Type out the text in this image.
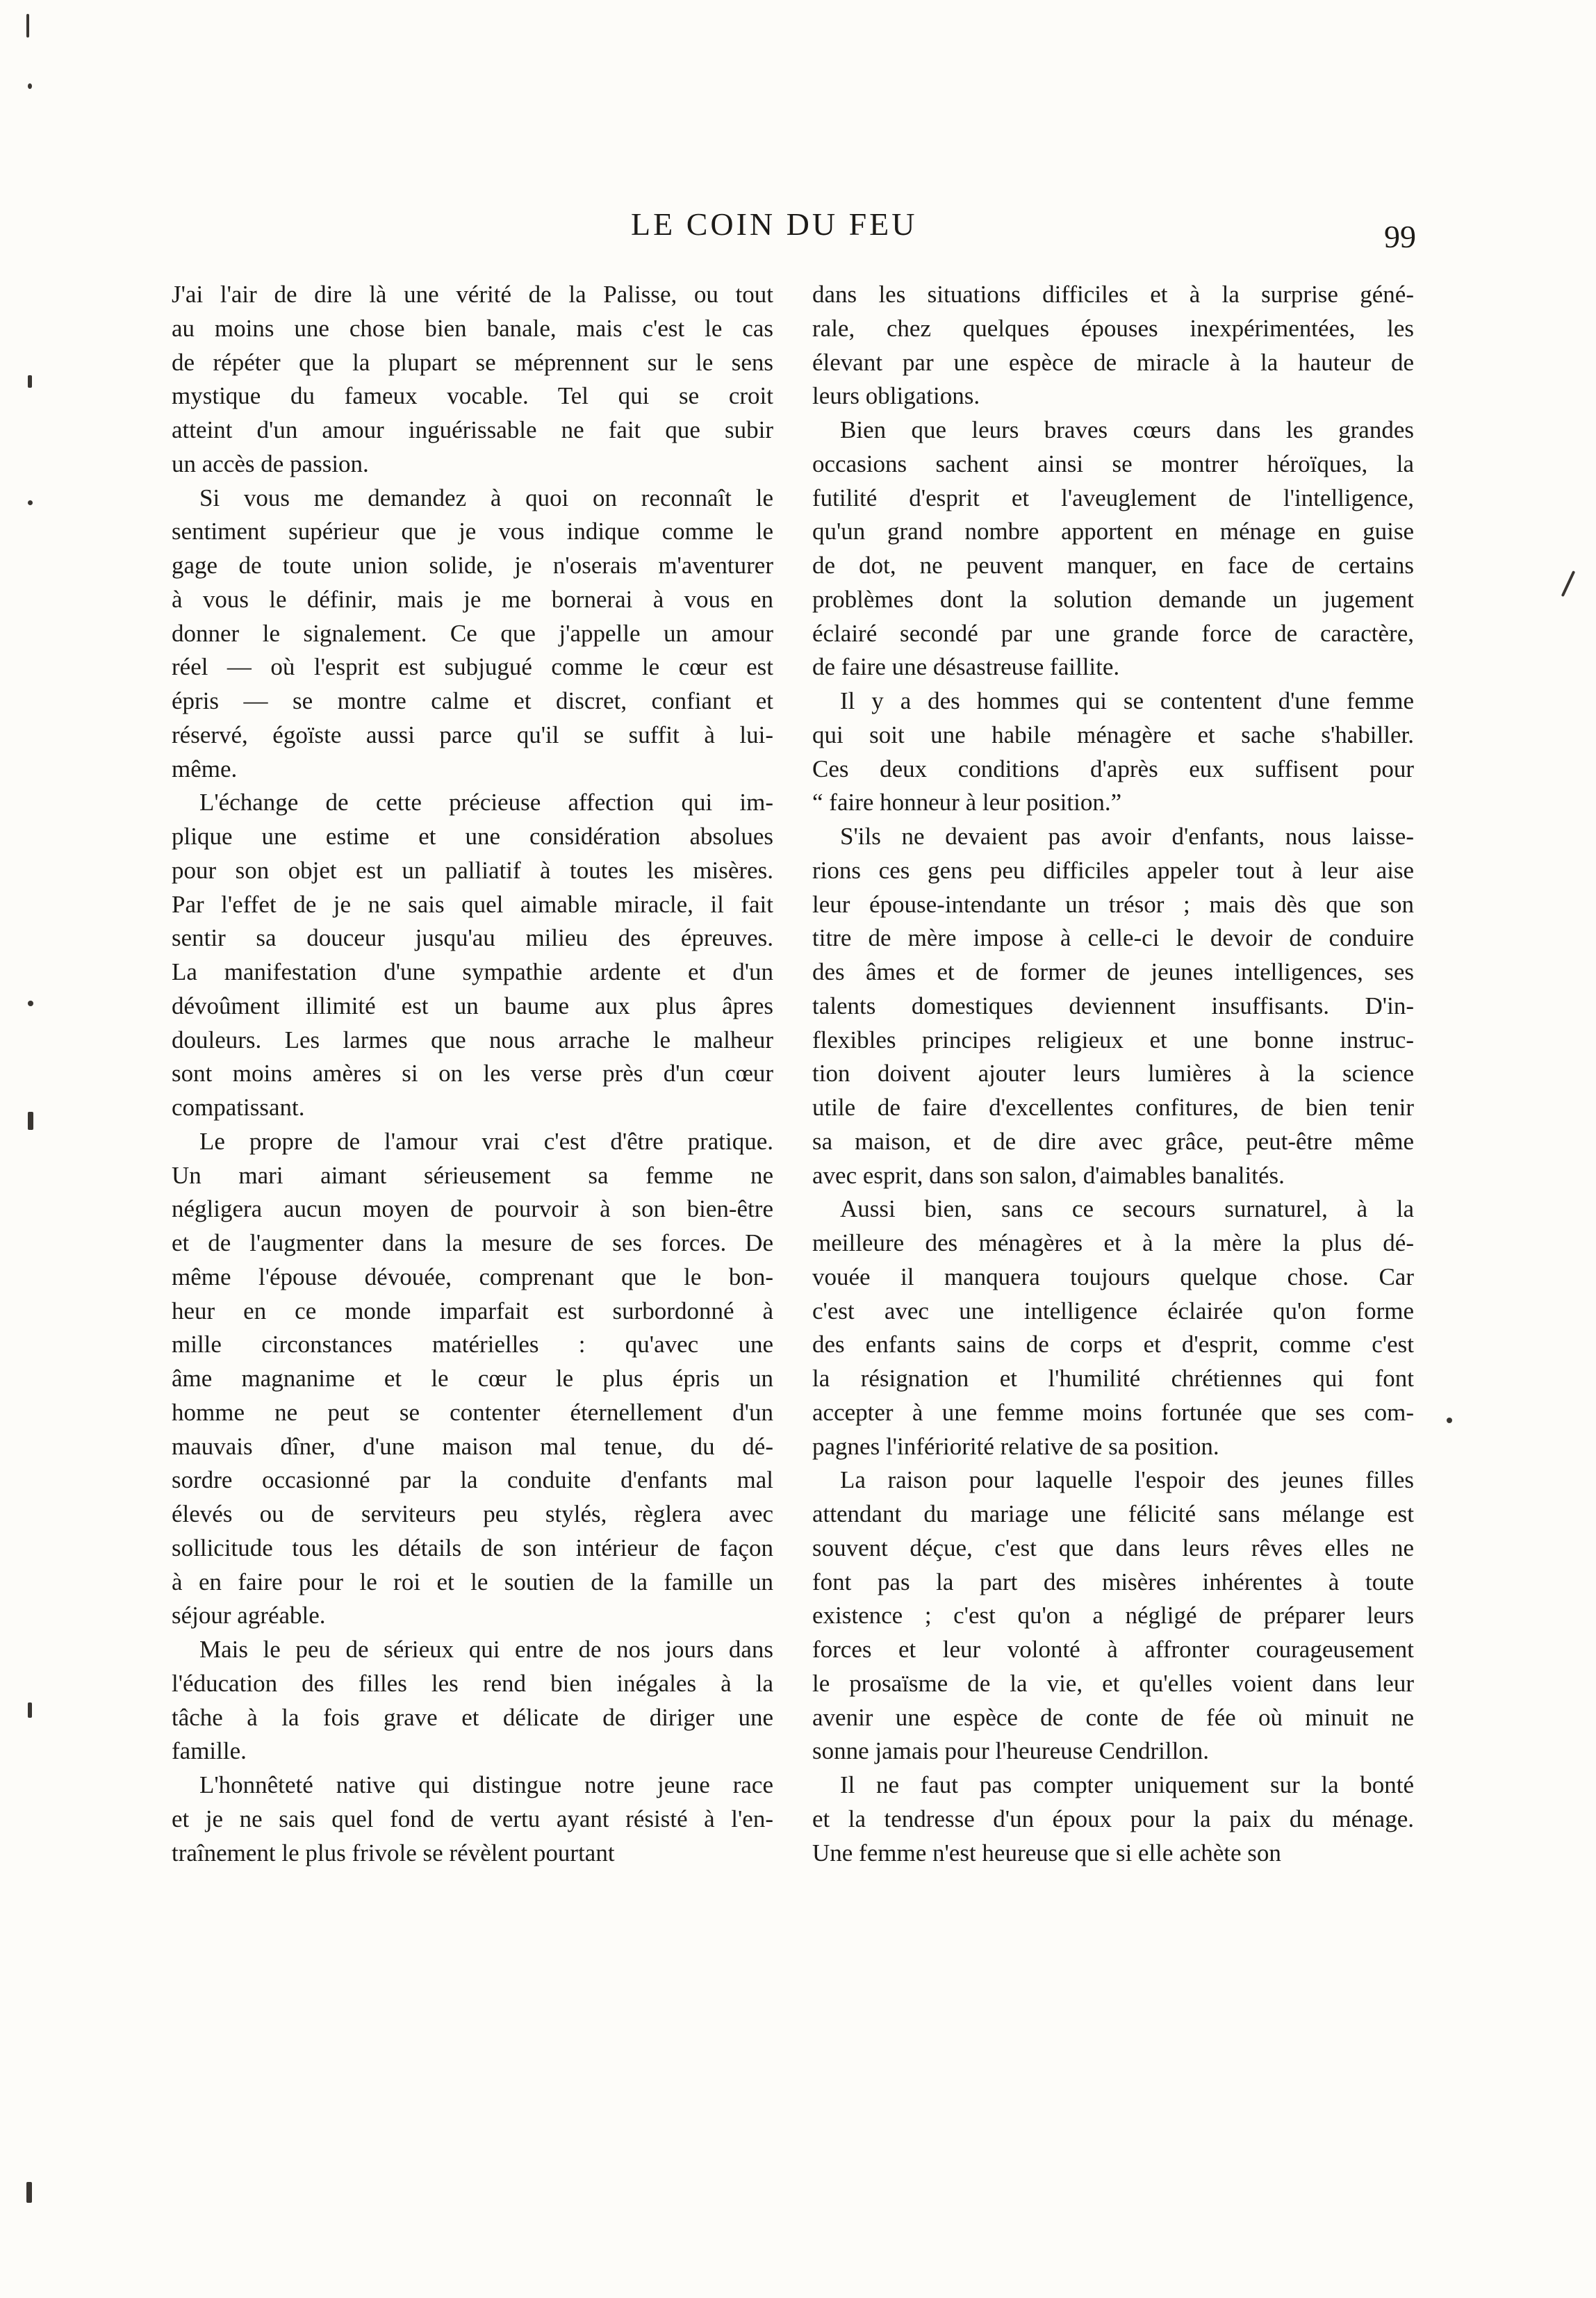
LE COIN DU FEU	99
J'ai l'air de dire là une vérité de la Palisse, ou tout
au moins une chose bien banale, mais c'est le cas
de répéter que la plupart se méprennent sur le sens
mystique du fameux vocable. Tel qui se croit
atteint d'un amour inguérissable ne fait que subir
un accès de passion.
Si vous me demandez à quoi on reconnaît le
sentiment supérieur que je vous indique comme le
gage de toute union solide, je n'oserais m'aventurer
à vous le définir, mais je me bornerai à vous en
donner le signalement. Ce que j'appelle un amour
réel — où l'esprit est subjugué comme le cœur est
épris — se montre calme et discret, confiant et
réservé, égoïste aussi parce qu'il se suffit à lui-
même.
L'échange de cette précieuse affection qui im-
plique une estime et une considération absolues
pour son objet est un palliatif à toutes les misères.
Par l'effet de je ne sais quel aimable miracle, il fait
sentir sa douceur jusqu'au milieu des épreuves.
La manifestation d'une sympathie ardente et d'un
dévoûment illimité est un baume aux plus âpres
douleurs. Les larmes que nous arrache le malheur
sont moins amères si on les verse près d'un cœur
compatissant.
Le propre de l'amour vrai c'est d'être pratique.
Un mari aimant sérieusement sa femme ne
négligera aucun moyen de pourvoir à son bien-être
et de l'augmenter dans la mesure de ses forces. De
même l'épouse dévouée, comprenant que le bon-
heur en ce monde imparfait est surbordonné à
mille circonstances matérielles : qu'avec une
âme magnanime et le cœur le plus épris un
homme ne peut se contenter éternellement d'un
mauvais dîner, d'une maison mal tenue, du dé-
sordre occasionné par la conduite d'enfants mal
élevés ou de serviteurs peu stylés, règlera avec
sollicitude tous les détails de son intérieur de façon
à en faire pour le roi et le soutien de la famille un
séjour agréable.
Mais le peu de sérieux qui entre de nos jours dans
l'éducation des filles les rend bien inégales à la
tâche à la fois grave et délicate de diriger une
famille.
L'honnêteté native qui distingue notre jeune race
et je ne sais quel fond de vertu ayant résisté à l'en-
traînement le plus frivole se révèlent pourtant
dans les situations difficiles et à la surprise géné-
rale, chez quelques épouses inexpérimentées, les
élevant par une espèce de miracle à la hauteur de
leurs obligations.
Bien que leurs braves cœurs dans les grandes
occasions sachent ainsi se montrer héroïques, la
futilité d'esprit et l'aveuglement de l'intelligence,
qu'un grand nombre apportent en ménage en guise
de dot, ne peuvent manquer, en face de certains
problèmes dont la solution demande un jugement
éclairé secondé par une grande force de caractère,
de faire une désastreuse faillite.
Il y a des hommes qui se contentent d'une femme
qui soit une habile ménagère et sache s'habiller.
Ces deux conditions d'après eux suffisent pour
“ faire honneur à leur position.”
S'ils ne devaient pas avoir d'enfants, nous laisse-
rions ces gens peu difficiles appeler tout à leur aise
leur épouse-intendante un trésor ; mais dès que son
titre de mère impose à celle-ci le devoir de conduire
des âmes et de former de jeunes intelligences, ses
talents domestiques deviennent insuffisants. D'in-
flexibles principes religieux et une bonne instruc-
tion doivent ajouter leurs lumières à la science
utile de faire d'excellentes confitures, de bien tenir
sa maison, et de dire avec grâce, peut-être même
avec esprit, dans son salon, d'aimables banalités.
Aussi bien, sans ce secours surnaturel, à la
meilleure des ménagères et à la mère la plus dé-
vouée il manquera toujours quelque chose. Car
c'est avec une intelligence éclairée qu'on forme
des enfants sains de corps et d'esprit, comme c'est
la résignation et l'humilité chrétiennes qui font
accepter à une femme moins fortunée que ses com-
pagnes l'infériorité relative de sa position.
La raison pour laquelle l'espoir des jeunes filles
attendant du mariage une félicité sans mélange est
souvent déçue, c'est que dans leurs rêves elles ne
font pas la part des misères inhérentes à toute
existence ; c'est qu'on a négligé de préparer leurs
forces et leur volonté à affronter courageusement
le prosaïsme de la vie, et qu'elles voient dans leur
avenir une espèce de conte de fée où minuit ne
sonne jamais pour l'heureuse Cendrillon.
Il ne faut pas compter uniquement sur la bonté
et la tendresse d'un époux pour la paix du ménage.
Une femme n'est heureuse que si elle achète son
